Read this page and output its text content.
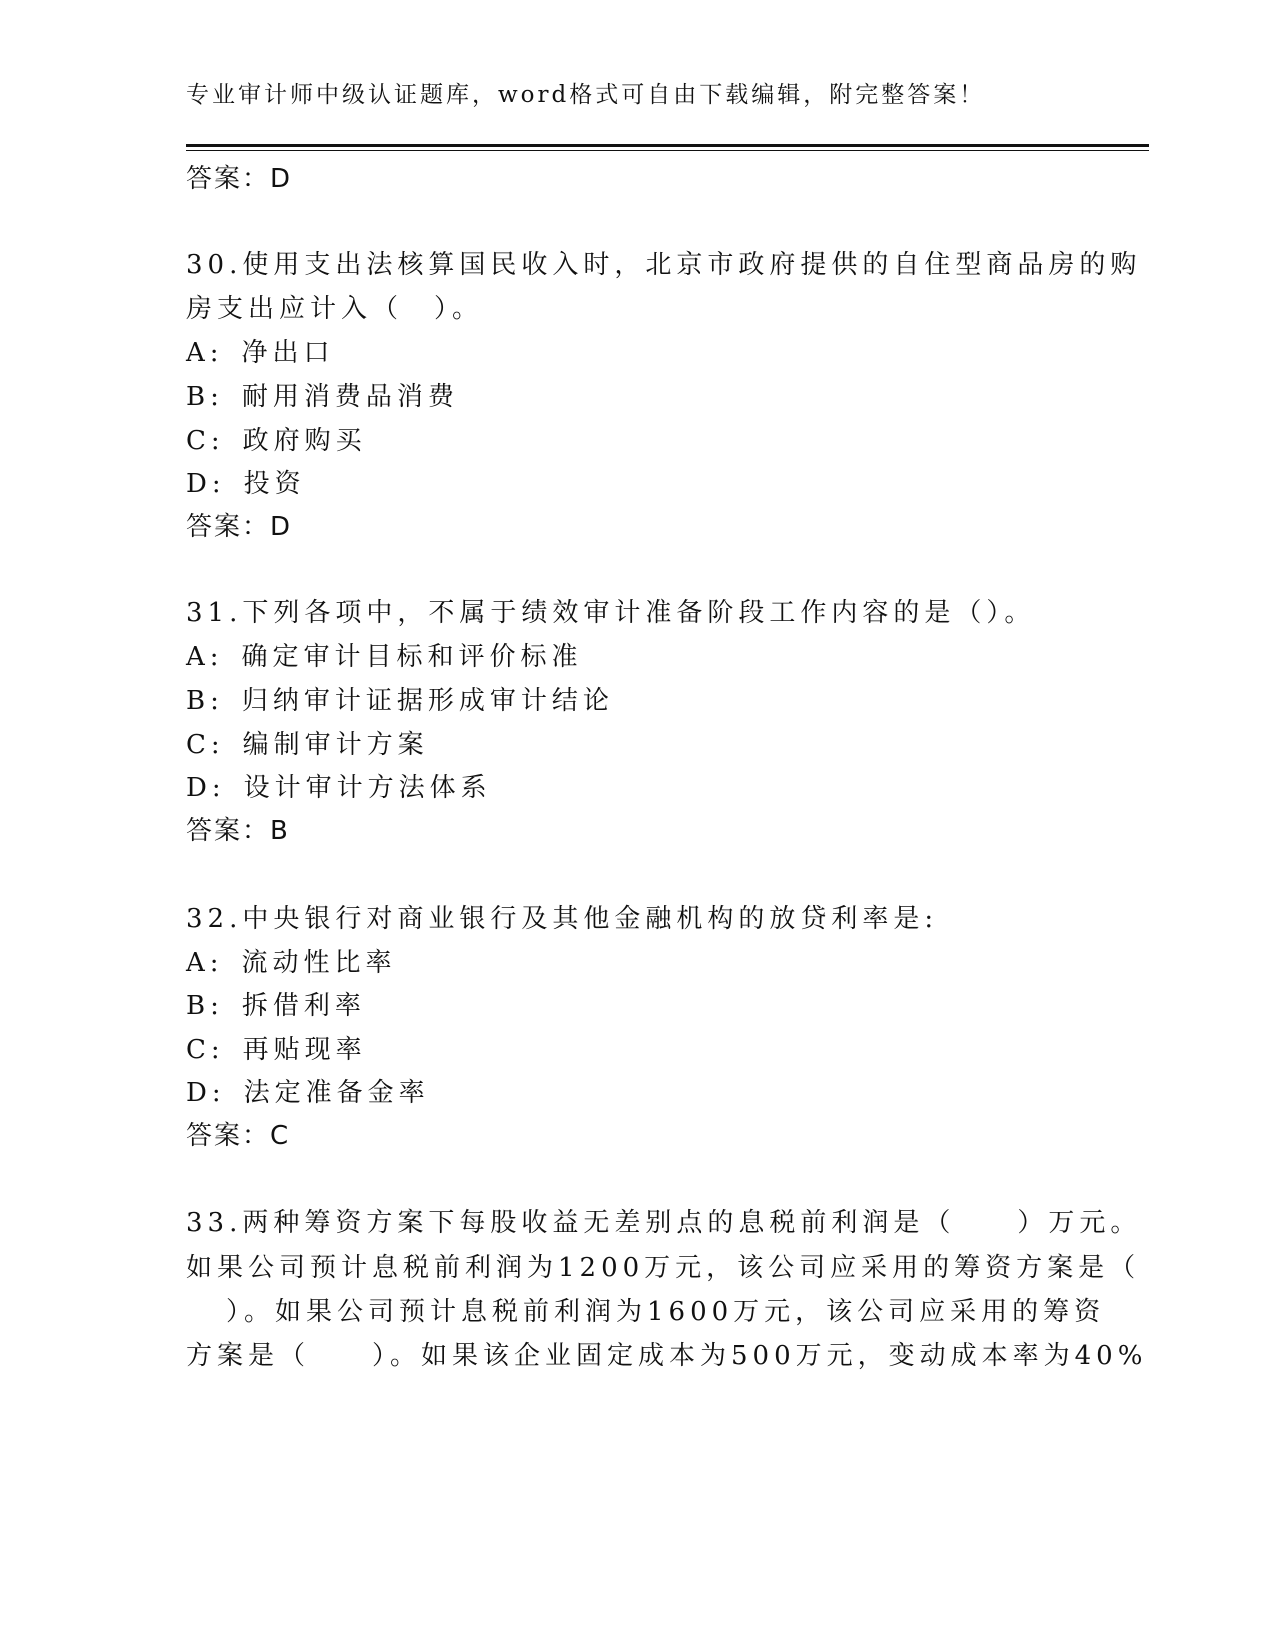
专业审计师中级认证题库，word格式可自由下载编辑，附完整答案！
答案：D
30.使用支出法核算国民收入时，北京市政府提供的自住型商品房的购
房支出应计入（　）。
A: 净出口
B: 耐用消费品消费
C: 政府购买
D: 投资
答案：D
31.下列各项中，不属于绩效审计准备阶段工作内容的是（）。
A: 确定审计目标和评价标准
B: 归纳审计证据形成审计结论
C: 编制审计方案
D: 设计审计方法体系
答案：B
32.中央银行对商业银行及其他金融机构的放贷利率是:
A: 流动性比率
B: 拆借利率
C: 再贴现率
D: 法定准备金率
答案：C
33.两种筹资方案下每股收益无差别点的息税前利润是（　　）万元。
如果公司预计息税前利润为1200万元，该公司应采用的筹资方案是（
）。如果公司预计息税前利润为1600万元，该公司应采用的筹资
方案是（　　）。如果该企业固定成本为500万元，变动成本率为40%
